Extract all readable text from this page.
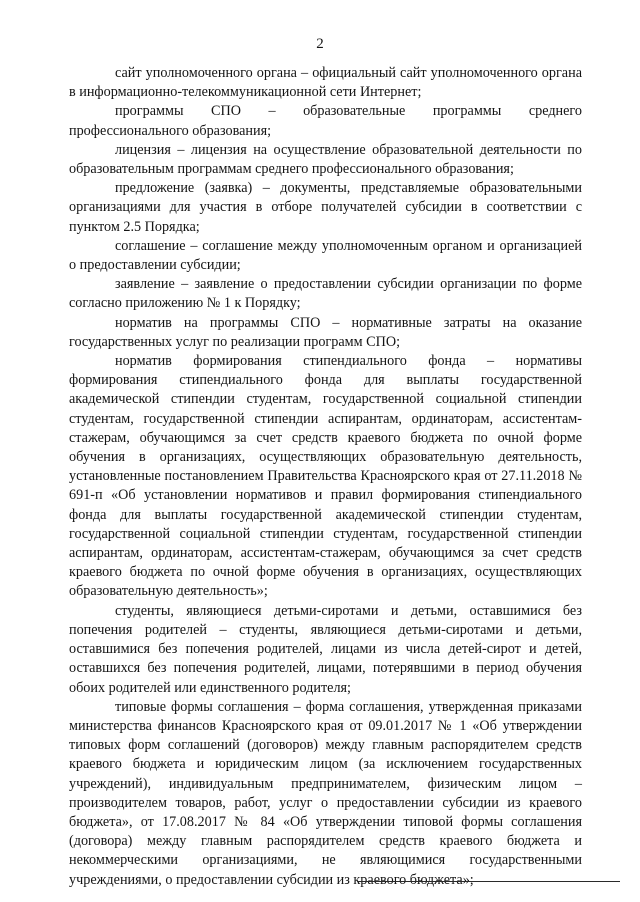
2

сайт уполномоченного органа – официальный сайт уполномоченного органа в информационно-телекоммуникационной сети Интернет;

программы СПО – образовательные программы среднего профессионального образования;

лицензия – лицензия на осуществление образовательной деятельности по образовательным программам среднего профессионального образования;

предложение (заявка) – документы, представляемые образовательными организациями для участия в отборе получателей субсидии в соответствии с пунктом 2.5 Порядка;

соглашение – соглашение между уполномоченным органом и организацией о предоставлении субсидии;

заявление – заявление о предоставлении субсидии организации по форме согласно приложению № 1 к Порядку;

норматив на программы СПО – нормативные затраты на оказание государственных услуг по реализации программ СПО;

норматив формирования стипендиального фонда – нормативы формирования стипендиального фонда для выплаты государственной академической стипендии студентам, государственной социальной стипендии студентам, государственной стипендии аспирантам, ординаторам, ассистентам-стажерам, обучающимся за счет средств краевого бюджета по очной форме обучения в организациях, осуществляющих образовательную деятельность, установленные постановлением Правительства Красноярского края от 27.11.2018 № 691-п «Об установлении нормативов и правил формирования стипендиального фонда для выплаты государственной академической стипендии студентам, государственной социальной стипендии студентам, государственной стипендии аспирантам, ординаторам, ассистентам-стажерам, обучающимся за счет средств краевого бюджета по очной форме обучения в организациях, осуществляющих образовательную деятельность»;

студенты, являющиеся детьми-сиротами и детьми, оставшимися без попечения родителей – студенты, являющиеся детьми-сиротами и детьми, оставшимися без попечения родителей, лицами из числа детей-сирот и детей, оставшихся без попечения родителей, лицами, потерявшими в период обучения обоих родителей или единственного родителя;

типовые формы соглашения – форма соглашения, утвержденная приказами министерства финансов Красноярского края от 09.01.2017 № 1 «Об утверждении типовых форм соглашений (договоров) между главным распорядителем средств краевого бюджета и юридическим лицом (за исключением государственных учреждений), индивидуальным предпринимателем, физическим лицом – производителем товаров, работ, услуг о предоставлении субсидии из краевого бюджета», от 17.08.2017 № 84 «Об утверждении типовой формы соглашения (договора) между главным распорядителем средств краевого бюджета и некоммерческими организациями, не являющимися государственными учреждениями, о предоставлении субсидии из краевого бюджета»;
